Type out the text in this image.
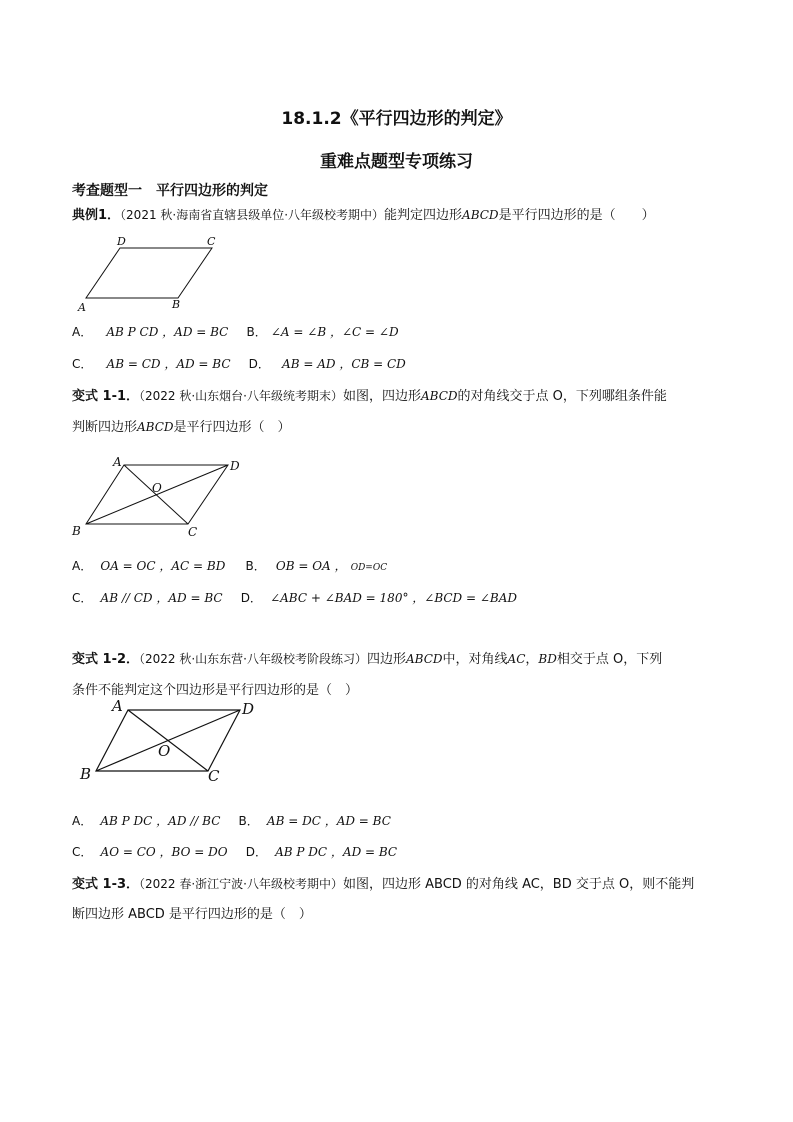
18.1.2《平行四边形的判定》
重难点题型专项练习
考查题型一　平行四边形的判定
典例1．（2021 秋·海南省直辖县级单位·八年级校考期中）能判定四边形ABCD是平行四边形的是（　　）
D	C
A	B
A． AB P CD ，AD = BC B． ∠A = ∠B ，∠C = ∠D
C． AB = CD ，AD = BC D． AB = AD ，CB = CD
变式 1-1．（2022 秋·山东烟台·八年级统考期末）如图，四边形ABCD的对角线交于点 O，下列哪组条件能
判断四边形ABCD是平行四边形（　）
A	D
O
B	C
A． OA = OC ，AC = BD B． OB = OA ， OD=OC
C． AB // CD ，AD = BC D． ∠ABC + ∠BAD = 180° ，∠BCD = ∠BAD
变式 1-2．（2022 秋·山东东营·八年级校考阶段练习）四边形ABCD中，对角线AC，BD相交于点 O，下列
条件不能判定这个四边形是平行四边形的是（　）
A	D
O
B	C
A． AB P DC ，AD // BC B． AB = DC ，AD = BC
C． AO = CO ，BO = DO D． AB P DC ，AD = BC
变式 1-3．（2022 春·浙江宁波·八年级校考期中）如图，四边形 ABCD 的对角线 AC，BD 交于点 O，则不能判
断四边形 ABCD 是平行四边形的是（　）
